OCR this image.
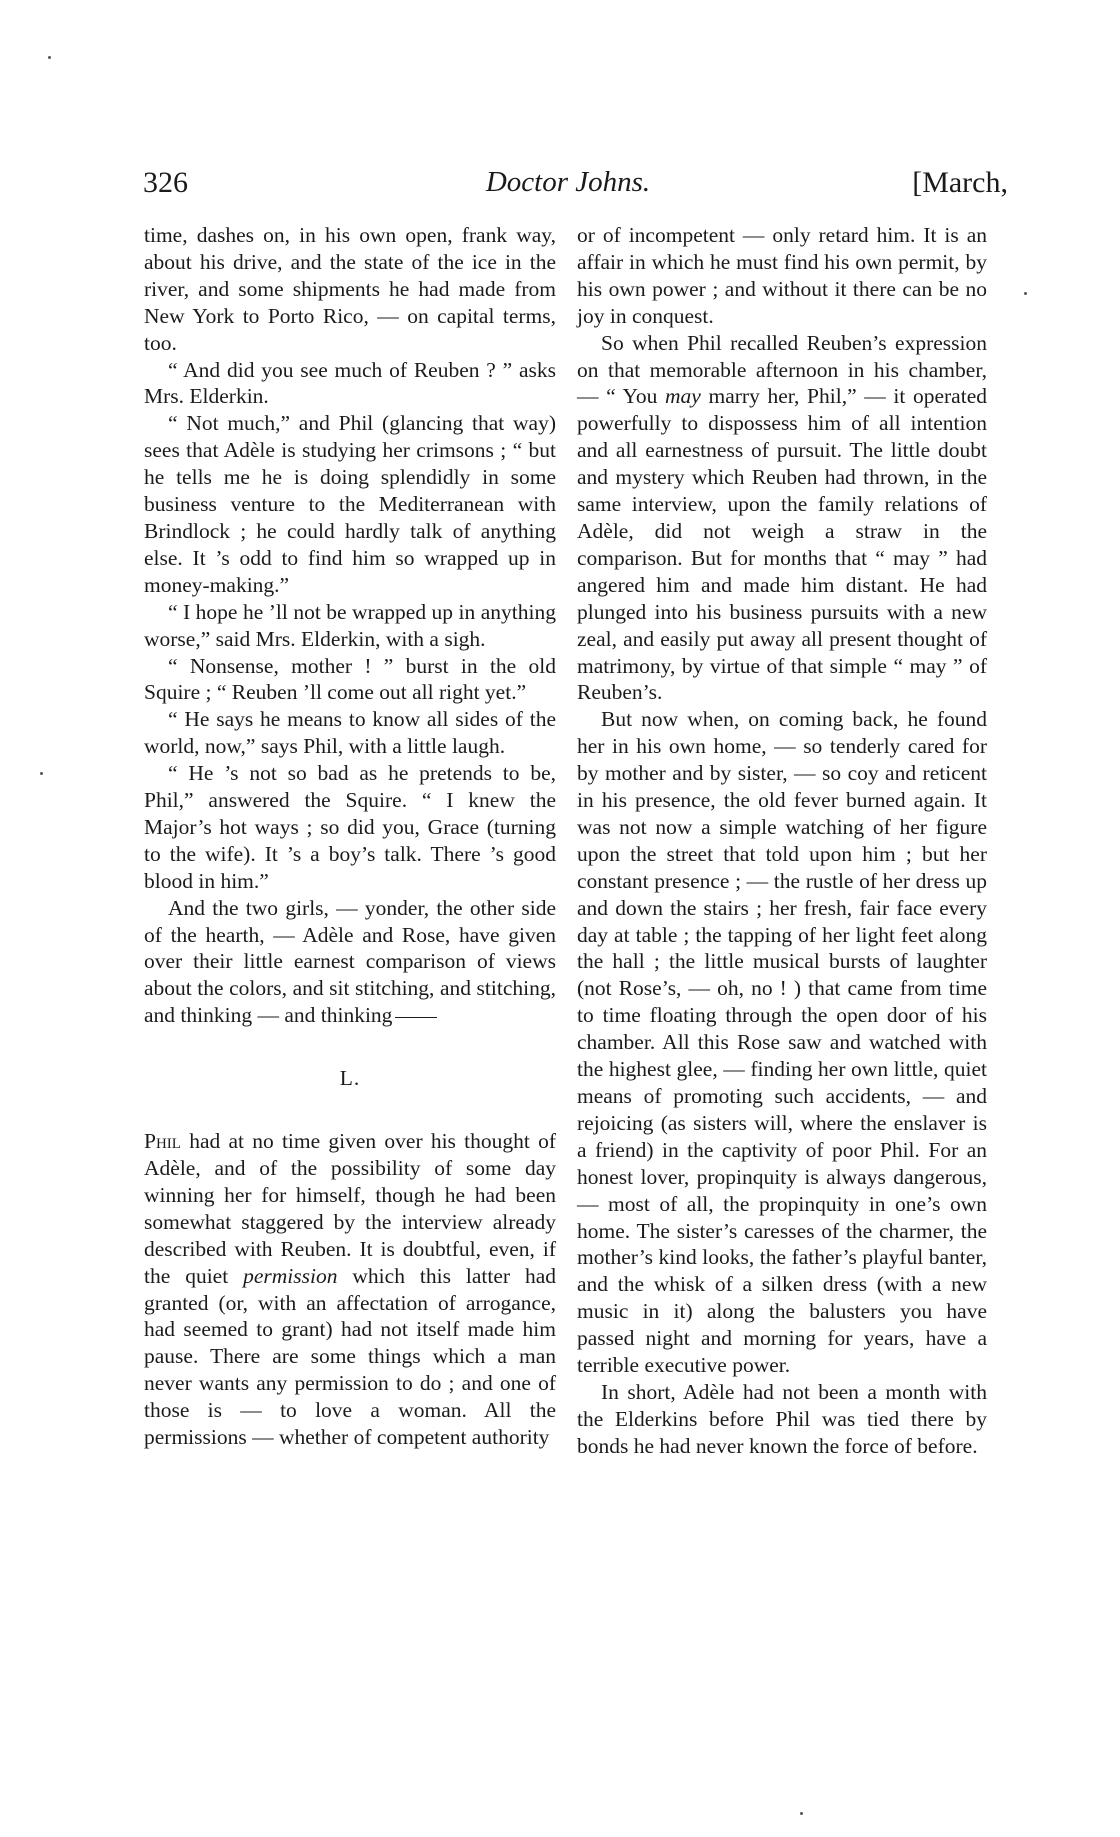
326	Doctor Johns.	[March,

time, dashes on, in his own open, frank way, about his drive, and the state of the ice in the river, and some shipments he had made from New York to Porto Rico, — on capital terms, too.

“ And did you see much of Reuben ? ” asks Mrs. Elderkin.

“ Not much,” and Phil (glancing that way) sees that Adèle is studying her crimsons ; “ but he tells me he is doing splendidly in some business venture to the Mediterranean with Brindlock ; he could hardly talk of anything else. It ’s odd to find him so wrapped up in money-making.”

“ I hope he ’ll not be wrapped up in anything worse,” said Mrs. Elderkin, with a sigh.

“ Nonsense, mother ! ” burst in the old Squire ; “ Reuben ’ll come out all right yet.”

“ He says he means to know all sides of the world, now,” says Phil, with a little laugh.

“ He ’s not so bad as he pretends to be, Phil,” answered the Squire. “ I knew the Major’s hot ways ; so did you, Grace (turning to the wife). It ’s a boy’s talk. There ’s good blood in him.”

And the two girls, — yonder, the other side of the hearth, — Adèle and Rose, have given over their little earnest comparison of views about the colors, and sit stitching, and stitching, and thinking — and thinking

L.

Phil had at no time given over his thought of Adèle, and of the possibility of some day winning her for himself, though he had been somewhat staggered by the interview already described with Reuben. It is doubtful, even, if the quiet permission which this latter had granted (or, with an affectation of arrogance, had seemed to grant) had not itself made him pause. There are some things which a man never wants any permission to do ; and one of those is — to love a woman. All the permissions — whether of competent authority

or of incompetent — only retard him. It is an affair in which he must find his own permit, by his own power ; and without it there can be no joy in conquest.

So when Phil recalled Reuben’s expression on that memorable afternoon in his chamber, — “ You may marry her, Phil,” — it operated powerfully to dispossess him of all intention and all earnestness of pursuit. The little doubt and mystery which Reuben had thrown, in the same interview, upon the family relations of Adèle, did not weigh a straw in the comparison. But for months that “ may ” had angered him and made him distant. He had plunged into his business pursuits with a new zeal, and easily put away all present thought of matrimony, by virtue of that simple “ may ” of Reuben’s.

But now when, on coming back, he found her in his own home, — so tenderly cared for by mother and by sister, — so coy and reticent in his presence, the old fever burned again. It was not now a simple watching of her figure upon the street that told upon him ; but her constant presence ; — the rustle of her dress up and down the stairs ; her fresh, fair face every day at table ; the tapping of her light feet along the hall ; the little musical bursts of laughter (not Rose’s, — oh, no ! ) that came from time to time floating through the open door of his chamber. All this Rose saw and watched with the highest glee, — finding her own little, quiet means of promoting such accidents, — and rejoicing (as sisters will, where the enslaver is a friend) in the captivity of poor Phil. For an honest lover, propinquity is always dangerous, — most of all, the propinquity in one’s own home. The sister’s caresses of the charmer, the mother’s kind looks, the father’s playful banter, and the whisk of a silken dress (with a new music in it) along the balusters you have passed night and morning for years, have a terrible executive power.

In short, Adèle had not been a month with the Elderkins before Phil was tied there by bonds he had never known the force of before.
